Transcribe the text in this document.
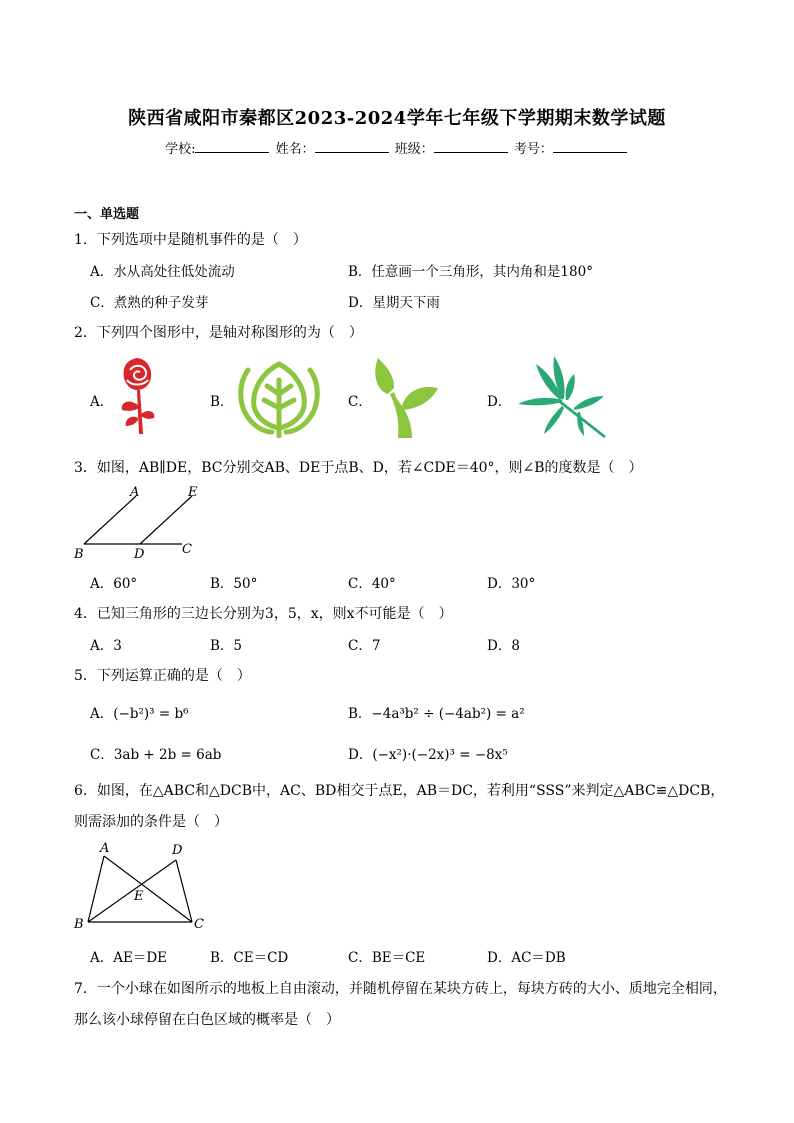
陕西省咸阳市秦都区2023-2024学年七年级下学期期末数学试题
学校:	姓名：	班级：	考号：
一、单选题
1．下列选项中是随机事件的是（　）
A．水从高处往低处流动	B．任意画一个三角形，其内角和是180°
C．煮熟的种子发芽	D．星期天下雨
2．下列四个图形中，是轴对称图形的为（　）
A．	B．	C．	D．
3．如图，AB∥DE，BC分别交AB、DE于点B、D，若∠CDE＝40°，则∠B的度数是（　）
A	E
B	D	C
A．60°	B．50°	C．40°	D．30°
4．已知三角形的三边长分别为3，5，x，则x不可能是（　）
A．3	B．5	C．7	D．8
5．下列运算正确的是（　）
A．(−b²)³ = b⁶	B．−4a³b² ÷ (−4ab²) = a²
C．3ab + 2b = 6ab	D．(−x²)·(−2x)³ = −8x⁵
6．如图，在△ABC和△DCB中，AC、BD相交于点E，AB＝DC，若利用“SSS”来判定△ABC≌△DCB，
则需添加的条件是（　）
A	D
E
B	C
A．AE＝DE	B．CE＝CD	C．BE＝CE	D．AC＝DB
7．一个小球在如图所示的地板上自由滚动，并随机停留在某块方砖上，每块方砖的大小、质地完全相同，
那么该小球停留在白色区域的概率是（　）
